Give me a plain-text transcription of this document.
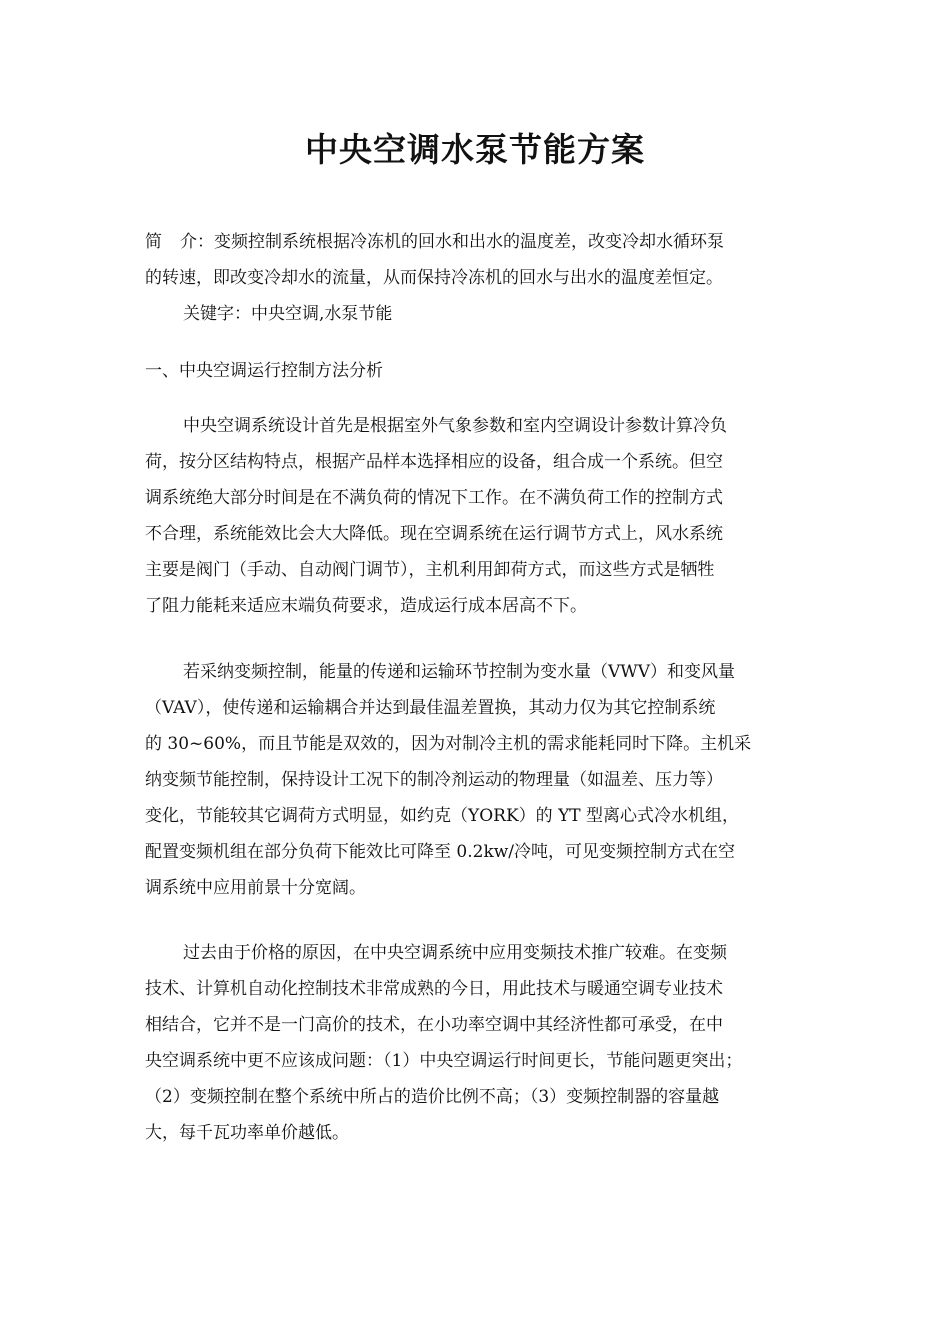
中央空调水泵节能方案
简 介：变频控制系统根据冷冻机的回水和出水的温度差，改变冷却水循环泵
的转速，即改变冷却水的流量，从而保持冷冻机的回水与出水的温度差恒定。
关键字：中央空调,水泵节能
一、中央空调运行控制方法分析
中央空调系统设计首先是根据室外气象参数和室内空调设计参数计算冷负
荷，按分区结构特点，根据产品样本选择相应的设备，组合成一个系统。但空
调系统绝大部分时间是在不满负荷的情况下工作。在不满负荷工作的控制方式
不合理，系统能效比会大大降低。现在空调系统在运行调节方式上，风水系统
主要是阀门（手动、自动阀门调节），主机利用卸荷方式，而这些方式是牺牲
了阻力能耗来适应末端负荷要求，造成运行成本居高不下。
若采纳变频控制，能量的传递和运输环节控制为变水量（VWV）和变风量
（VAV），使传递和运输耦合并达到最佳温差置换，其动力仅为其它控制系统
的 30~60%，而且节能是双效的，因为对制冷主机的需求能耗同时下降。主机采
纳变频节能控制，保持设计工况下的制冷剂运动的物理量（如温差、压力等）
变化，节能较其它调荷方式明显，如约克（YORK）的 YT 型离心式冷水机组，
配置变频机组在部分负荷下能效比可降至 0.2kw/冷吨，可见变频控制方式在空
调系统中应用前景十分宽阔。
过去由于价格的原因，在中央空调系统中应用变频技术推广较难。在变频
技术、计算机自动化控制技术非常成熟的今日，用此技术与暖通空调专业技术
相结合，它并不是一门高价的技术，在小功率空调中其经济性都可承受，在中
央空调系统中更不应该成问题：（1）中央空调运行时间更长，节能问题更突出；
（2）变频控制在整个系统中所占的造价比例不高；（3）变频控制器的容量越
大，每千瓦功率单价越低。
